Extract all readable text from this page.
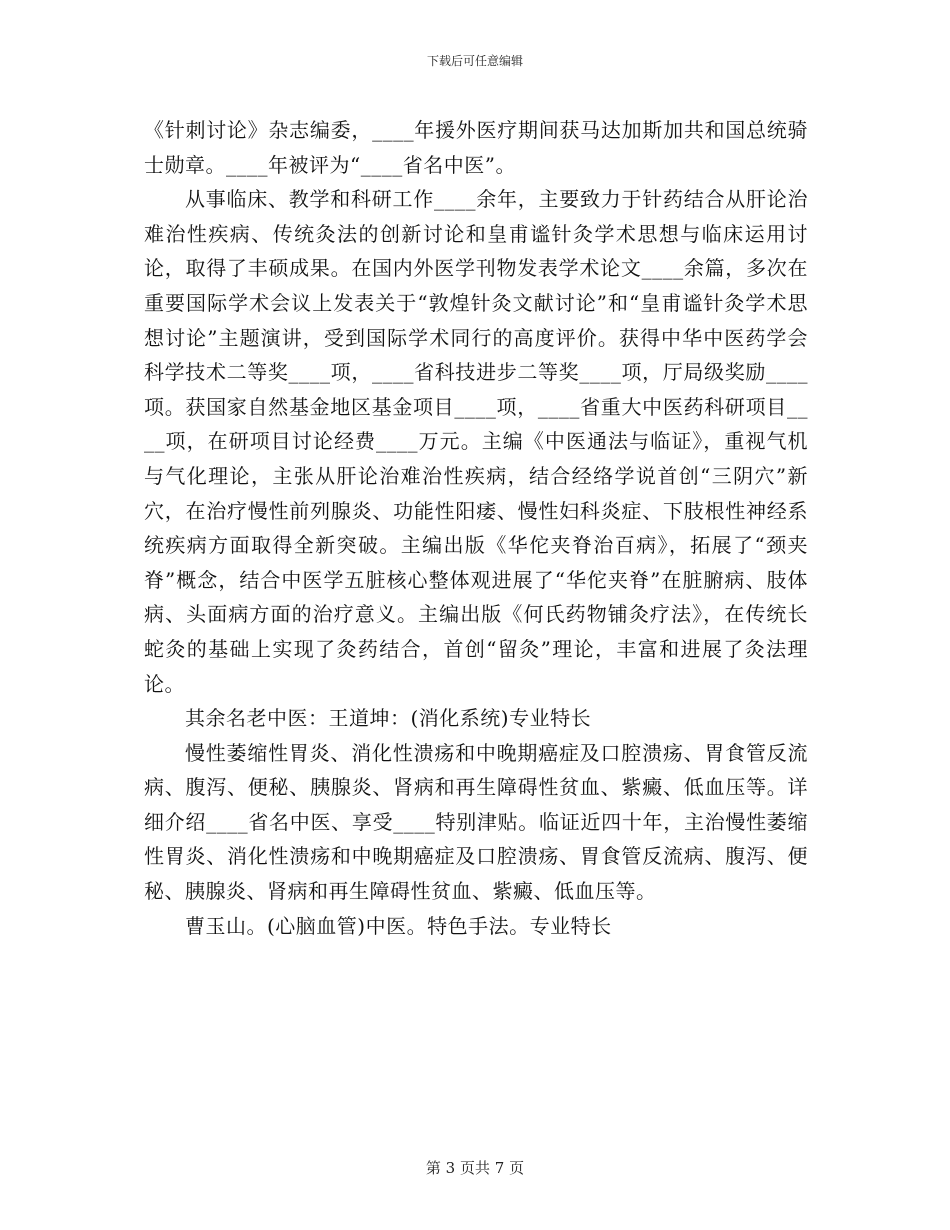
下载后可任意编辑

《针刺讨论》杂志编委，____年援外医疗期间获马达加斯加共和国总统骑士勋章。____年被评为“____省名中医”。

从事临床、教学和科研工作____余年，主要致力于针药结合从肝论治难治性疾病、传统灸法的创新讨论和皇甫谧针灸学术思想与临床运用讨论，取得了丰硕成果。在国内外医学刊物发表学术论文____余篇，多次在重要国际学术会议上发表关于“敦煌针灸文献讨论”和“皇甫谧针灸学术思想讨论”主题演讲，受到国际学术同行的高度评价。获得中华中医药学会科学技术二等奖____项，____省科技进步二等奖____项，厅局级奖励____项。获国家自然基金地区基金项目____项，____省重大中医药科研项目____项，在研项目讨论经费____万元。主编《中医通法与临证》，重视气机与气化理论，主张从肝论治难治性疾病，结合经络学说首创“三阴穴”新穴，在治疗慢性前列腺炎、功能性阳痿、慢性妇科炎症、下肢根性神经系统疾病方面取得全新突破。主编出版《华佗夹脊治百病》，拓展了“颈夹脊”概念，结合中医学五脏核心整体观进展了“华佗夹脊”在脏腑病、肢体病、头面病方面的治疗意义。主编出版《何氏药物铺灸疗法》，在传统长蛇灸的基础上实现了灸药结合，首创“留灸”理论，丰富和进展了灸法理论。

其余名老中医：王道坤：(消化系统)专业特长

慢性萎缩性胃炎、消化性溃疡和中晚期癌症及口腔溃疡、胃食管反流病、腹泻、便秘、胰腺炎、肾病和再生障碍性贫血、紫癜、低血压等。详细介绍____省名中医、享受____特别津贴。临证近四十年，主治慢性萎缩性胃炎、消化性溃疡和中晚期癌症及口腔溃疡、胃食管反流病、腹泻、便秘、胰腺炎、肾病和再生障碍性贫血、紫癜、低血压等。

曹玉山。(心脑血管)中医。特色手法。专业特长

第 3 页共 7 页
